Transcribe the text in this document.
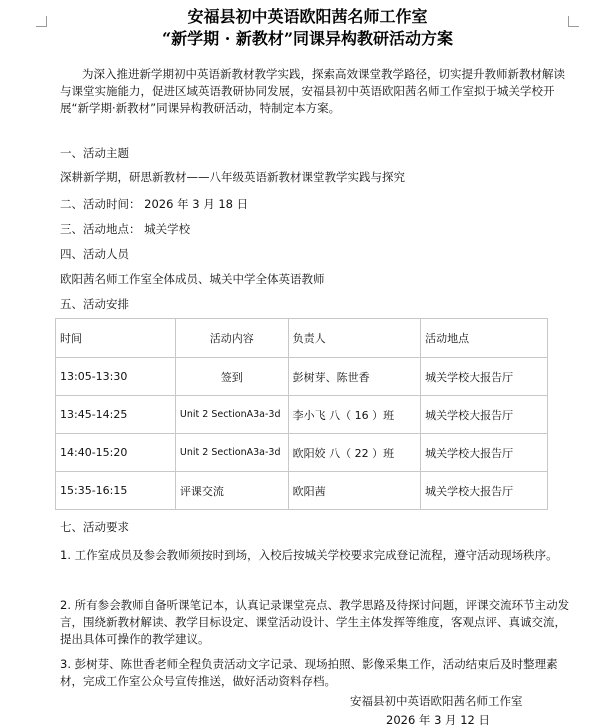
安福县初中英语欧阳茜名师工作室
“新学期 · 新教材”同课异构教研活动方案
为深入推进新学期初中英语新教材教学实践，探索高效课堂教学路径，切实提升教师新教材解读与课堂实施能力，促进区域英语教研协同发展，安福县初中英语欧阳茜名师工作室拟于城关学校开展“新学期·新教材”同课异构教研活动，特制定本方案。
一、活动主题
深耕新学期，研思新教材——八年级英语新教材课堂教学实践与探究
二、活动时间： 2026 年 3 月 18 日
三、活动地点： 城关学校
四、活动人员
欧阳茜名师工作室全体成员、城关中学全体英语教师
五、活动安排
时间	活动内容	负责人	活动地点
13:05-13:30	签到	彭树芽、陈世香	城关学校大报告厅
13:45-14:25	Unit 2 SectionA3a-3d	李小飞 八（ 16 ）班	城关学校大报告厅
14:40-15:20	Unit 2 SectionA3a-3d	欧阳姣 八（ 22 ）班	城关学校大报告厅
15:35-16:15	评课交流	欧阳茜	城关学校大报告厅
七、活动要求
1. 工作室成员及参会教师须按时到场，入校后按城关学校要求完成登记流程，遵守活动现场秩序。
2. 所有参会教师自备听课笔记本，认真记录课堂亮点、教学思路及待探讨问题，评课交流环节主动发言，围绕新教材解读、教学目标设定、课堂活动设计、学生主体发挥等维度，客观点评、真诚交流，提出具体可操作的教学建议。
3. 彭树芽、陈世香老师全程负责活动文字记录、现场拍照、影像采集工作，活动结束后及时整理素材，完成工作室公众号宣传推送，做好活动资料存档。
安福县初中英语欧阳茜名师工作室
2026 年 3 月 12 日
